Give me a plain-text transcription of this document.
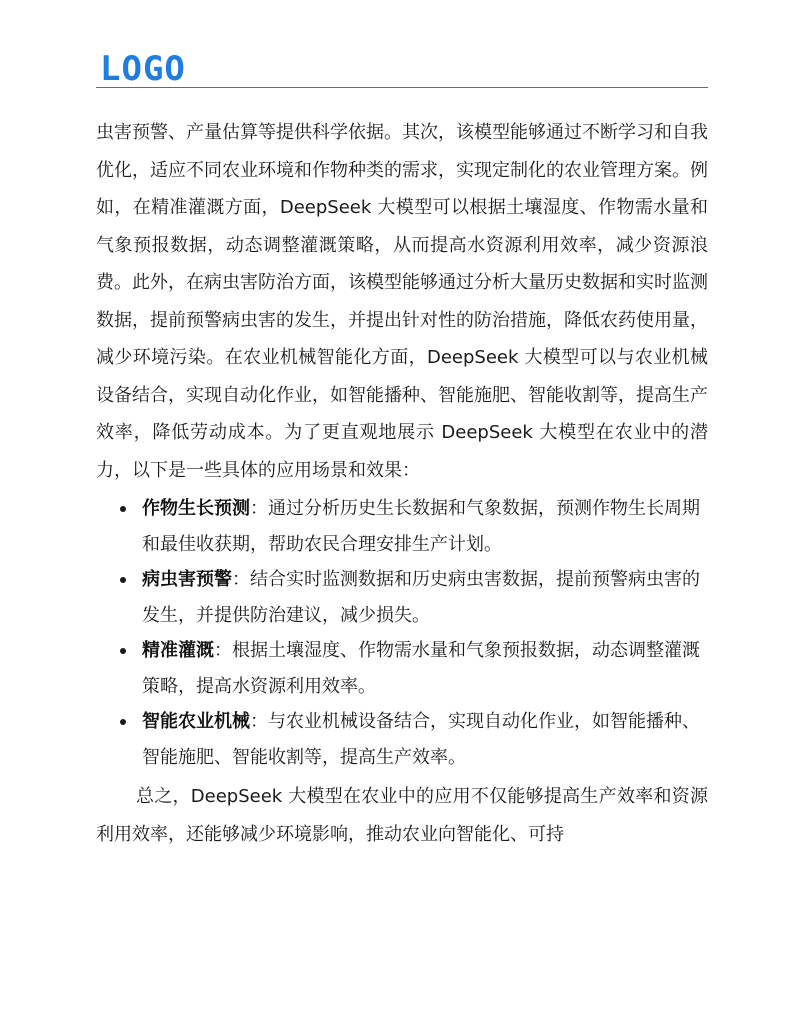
LOGO

虫害预警、产量估算等提供科学依据。其次，该模型能够通过不断学习和自我优化，适应不同农业环境和作物种类的需求，实现定制化的农业管理方案。例如，在精准灌溉方面，DeepSeek 大模型可以根据土壤湿度、作物需水量和气象预报数据，动态调整灌溉策略，从而提高水资源利用效率，减少资源浪费。此外，在病虫害防治方面，该模型能够通过分析大量历史数据和实时监测数据，提前预警病虫害的发生，并提出针对性的防治措施，降低农药使用量，减少环境污染。在农业机械智能化方面，DeepSeek 大模型可以与农业机械设备结合，实现自动化作业，如智能播种、智能施肥、智能收割等，提高生产效率，降低劳动成本。为了更直观地展示 DeepSeek 大模型在农业中的潜力，以下是一些具体的应用场景和效果：

作物生长预测：通过分析历史生长数据和气象数据，预测作物生长周期和最佳收获期，帮助农民合理安排生产计划。
病虫害预警：结合实时监测数据和历史病虫害数据，提前预警病虫害的发生，并提供防治建议，减少损失。
精准灌溉：根据土壤湿度、作物需水量和气象预报数据，动态调整灌溉策略，提高水资源利用效率。
智能农业机械：与农业机械设备结合，实现自动化作业，如智能播种、智能施肥、智能收割等，提高生产效率。

总之，DeepSeek 大模型在农业中的应用不仅能够提高生产效率和资源利用效率，还能够减少环境影响，推动农业向智能化、可持
